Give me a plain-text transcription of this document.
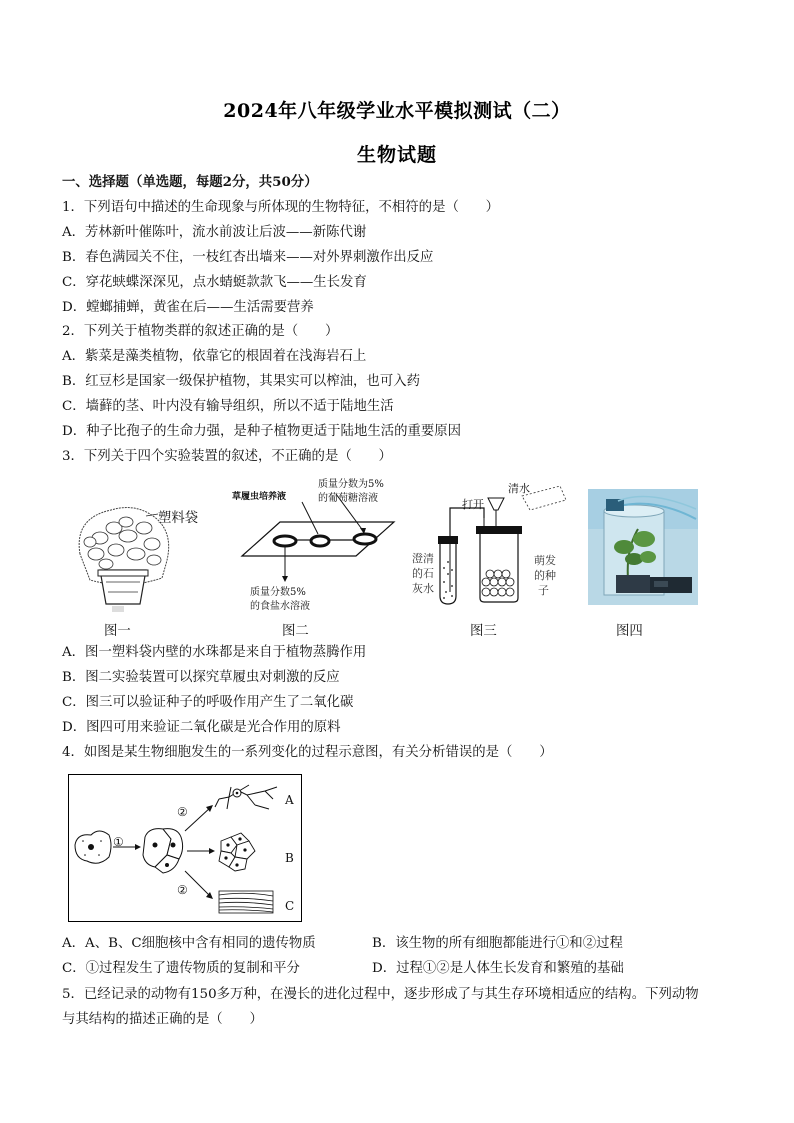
2024年八年级学业水平模拟测试（二）
生物试题
一、选择题（单选题，每题2分，共50分）
1．下列语句中描述的生命现象与所体现的生物特征，不相符的是（　　）
A．芳林新叶催陈叶，流水前波让后波——新陈代谢
B．春色满园关不住，一枝红杏出墙来——对外界刺激作出反应
C．穿花蛱蝶深深见，点水蜻蜓款款飞——生长发育
D．螳螂捕蝉，黄雀在后——生活需要营养
2．下列关于植物类群的叙述正确的是（　　）
A．紫菜是藻类植物，依靠它的根固着在浅海岩石上
B．红豆杉是国家一级保护植物，其果实可以榨油，也可入药
C．墙藓的茎、叶内没有输导组织，所以不适于陆地生活
D．种子比孢子的生命力强，是种子植物更适于陆地生活的重要原因
3．下列关于四个实验装置的叙述，不正确的是（　　）
塑料袋
图一
草履虫培养液
质量分数为5%
的葡萄糖溶液
质量分数5%
的食盐水溶液
图二
清水
打开
澄清
的石
灰水
萌发
的种
子
图三	图四
A．图一塑料袋内壁的水珠都是来自于植物蒸腾作用
B．图二实验装置可以探究草履虫对刺激的反应
C．图三可以验证种子的呼吸作用产生了二氧化碳
D．图四可用来验证二氧化碳是光合作用的原料
4．如图是某生物细胞发生的一系列变化的过程示意图，有关分析错误的是（　　）
②
①
②
A
B
C
A．A、B、C细胞核中含有相同的遗传物质	B．该生物的所有细胞都能进行①和②过程
C．①过程发生了遗传物质的复制和平分	D．过程①②是人体生长发育和繁殖的基础
5．已经记录的动物有150多万种，在漫长的进化过程中，逐步形成了与其生存环境相适应的结构。下列动物
与其结构的描述正确的是（　　）
